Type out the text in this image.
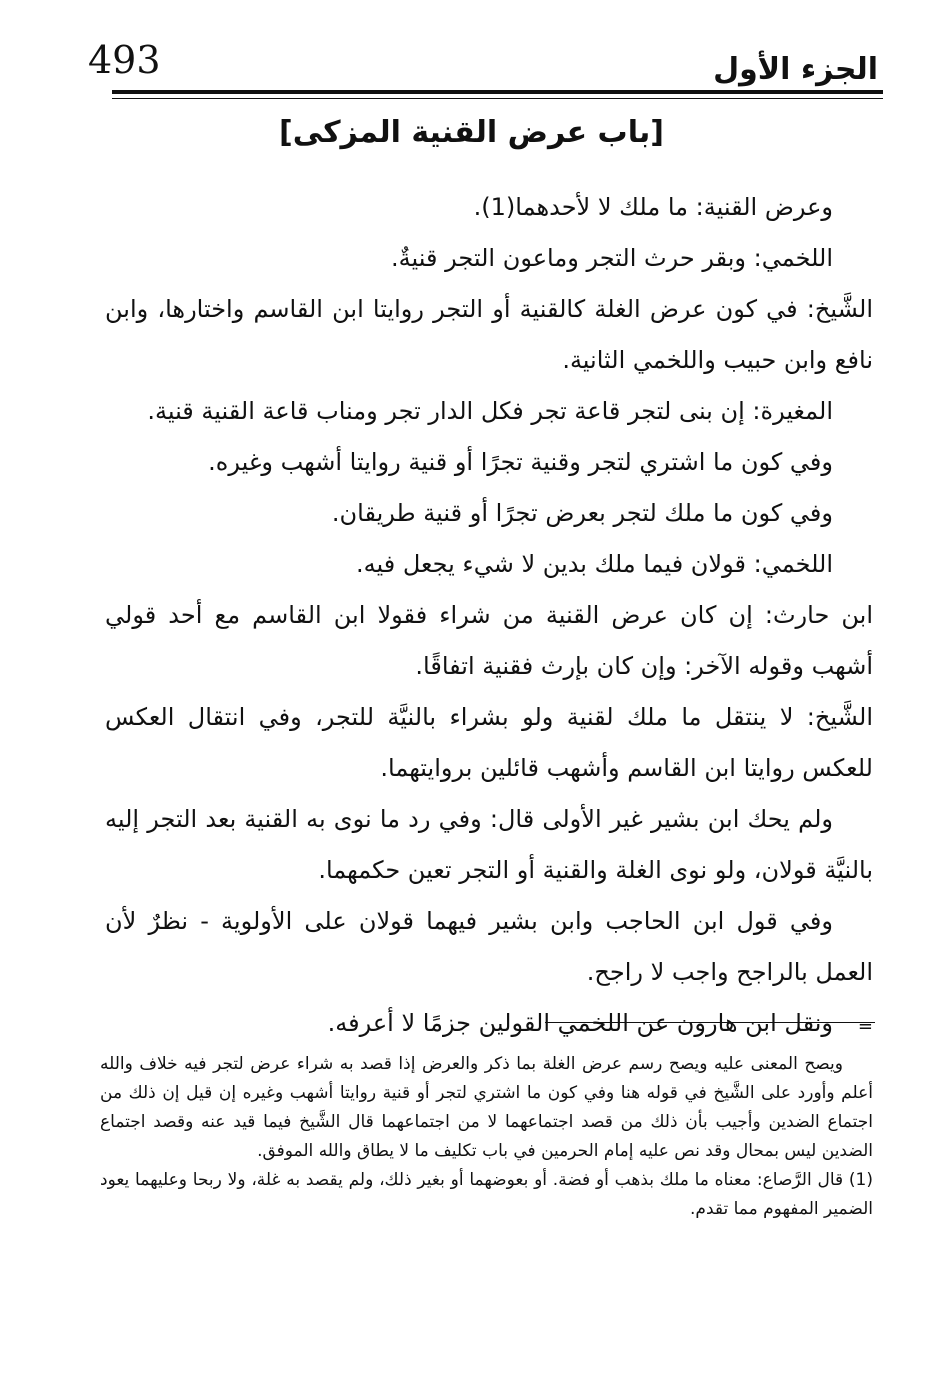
493	الجزء الأول
[باب عرض القنية المزكى]

وعرض القنية: ما ملك لا لأحدهما(1).

اللخمي: وبقر حرث التجر وماعون التجر قنيةٌ.

الشَّيخ: في كون عرض الغلة كالقنية أو التجر روايتا ابن القاسم واختارها، وابن نافع وابن حبيب واللخمي الثانية.

المغيرة: إن بنى لتجر قاعة تجر فكل الدار تجر ومناب قاعة القنية قنية.

وفي كون ما اشتري لتجر وقنية تجرًا أو قنية روايتا أشهب وغيره.

وفي كون ما ملك لتجر بعرض تجرًا أو قنية طريقان.

اللخمي: قولان فيما ملك بدين لا شيء يجعل فيه.

ابن حارث: إن كان عرض القنية من شراء فقولا ابن القاسم مع أحد قولي أشهب وقوله الآخر: وإن كان بإرث فقنية اتفاقًا.

الشَّيخ: لا ينتقل ما ملك لقنية ولو بشراء بالنيَّة للتجر، وفي انتقال العكس للعكس روايتا ابن القاسم وأشهب قائلين بروايتهما.

ولم يحك ابن بشير غير الأولى قال: وفي رد ما نوى به القنية بعد التجر إليه بالنيَّة قولان، ولو نوى الغلة والقنية أو التجر تعين حكمهما.

وفي قول ابن الحاجب وابن بشير فيهما قولان على الأولوية - نظرٌ لأن العمل بالراجح واجب لا راجح.

ونقل ابن هارون عن اللخمي القولين جزمًا لا أعرفه.	=

ويصح المعنى عليه ويصح رسم عرض الغلة بما ذكر والعرض إذا قصد به شراء عرض لتجر فيه خلاف والله أعلم وأورد على الشَّيخ في قوله هنا وفي كون ما اشتري لتجر أو قنية روايتا أشهب وغيره إن قيل إن ذلك من اجتماع الضدين وأجيب بأن ذلك من قصد اجتماعهما لا من اجتماعهما قال الشَّيخ فيما قيد عنه وقصد اجتماع الضدين ليس بمحال وقد نص عليه إمام الحرمين في باب تكليف ما لا يطاق والله الموفق.

(1) قال الرَّصاع: معناه ما ملك بذهب أو فضة. أو بعوضهما أو بغير ذلك، ولم يقصد به غلة، ولا ربحا وعليهما يعود الضمير المفهوم مما تقدم.
